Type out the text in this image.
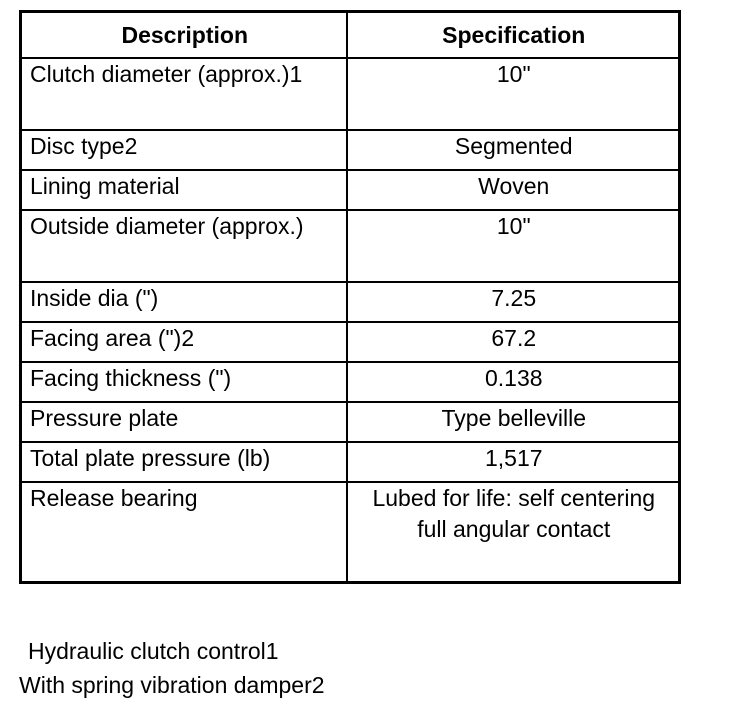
Description	Specification
Clutch diameter (approx.)1	10"
Disc type2	Segmented
Lining material	Woven
Outside diameter (approx.)	10"
Inside dia (")	7.25
Facing area (")2	67.2
Facing thickness (")	0.138
Pressure plate	Type belleville
Total plate pressure (lb)	1,517
Release bearing	Lubed for life: self centering full angular contact
Hydraulic clutch control1
With spring vibration damper2
